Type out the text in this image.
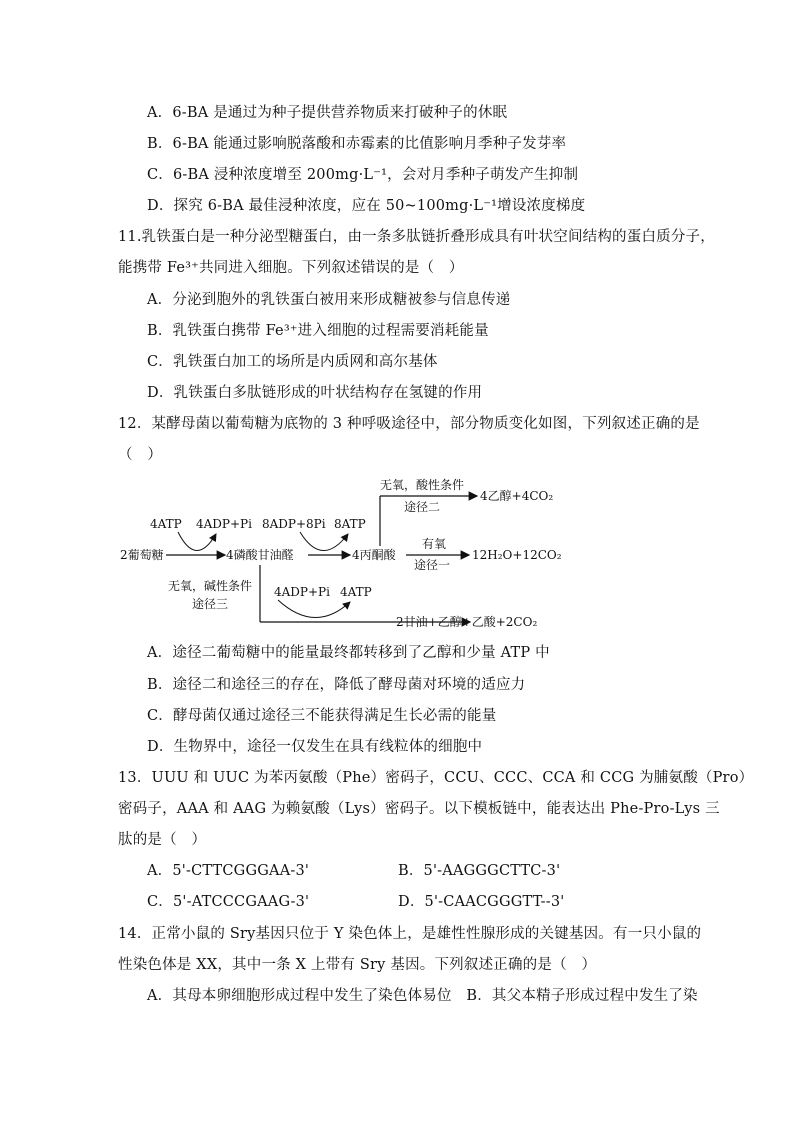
A．6-BA 是通过为种子提供营养物质来打破种子的休眠
B．6-BA 能通过影响脱落酸和赤霉素的比值影响月季种子发芽率
C．6-BA 浸种浓度增至 200mg·L⁻¹，会对月季种子萌发产生抑制
D．探究 6-BA 最佳浸种浓度，应在 50~100mg·L⁻¹增设浓度梯度
11.乳铁蛋白是一种分泌型糖蛋白，由一条多肽链折叠形成具有叶状空间结构的蛋白质分子，
能携带 Fe³⁺共同进入细胞。下列叙述错误的是（　）
A．分泌到胞外的乳铁蛋白被用来形成糖被参与信息传递
B．乳铁蛋白携带 Fe³⁺进入细胞的过程需要消耗能量
C．乳铁蛋白加工的场所是内质网和高尔基体
D．乳铁蛋白多肽链形成的叶状结构存在氢键的作用
12．某酵母菌以葡萄糖为底物的 3 种呼吸途径中，部分物质变化如图，下列叙述正确的是
（　）
2葡萄糖	4磷酸甘油醛	4丙酮酸
4ATP 4ADP+Pi 8ADP+8Pi 8ATP
无氧，酸性条件
途径二
4乙醇+4CO₂
有氧
途径一
12H₂O+12CO₂
无氧，碱性条件
途径三
4ADP+Pi 4ATP
2甘油+乙醇+乙酸+2CO₂
A．途径二葡萄糖中的能量最终都转移到了乙醇和少量 ATP 中
B．途径二和途径三的存在，降低了酵母菌对环境的适应力
C．酵母菌仅通过途径三不能获得满足生长必需的能量
D．生物界中，途径一仅发生在具有线粒体的细胞中
13．UUU 和 UUC 为苯丙氨酸（Phe）密码子，CCU、CCC、CCA 和 CCG 为脯氨酸（Pro）
密码子，AAA 和 AAG 为赖氨酸（Lys）密码子。以下模板链中，能表达出 Phe-Pro-Lys 三
肽的是（　）
A．5'-CTTCGGGAA-3'	B．5'-AAGGGCTTC-3'
C．5'-ATCCCGAAG-3'	D．5'-CAACGGGTT--3'
14．正常小鼠的 Sry基因只位于 Y 染色体上，是雄性性腺形成的关键基因。有一只小鼠的
性染色体是 XX，其中一条 X 上带有 Sry 基因。下列叙述正确的是（　）
A．其母本卵细胞形成过程中发生了染色体易位　B．其父本精子形成过程中发生了染
